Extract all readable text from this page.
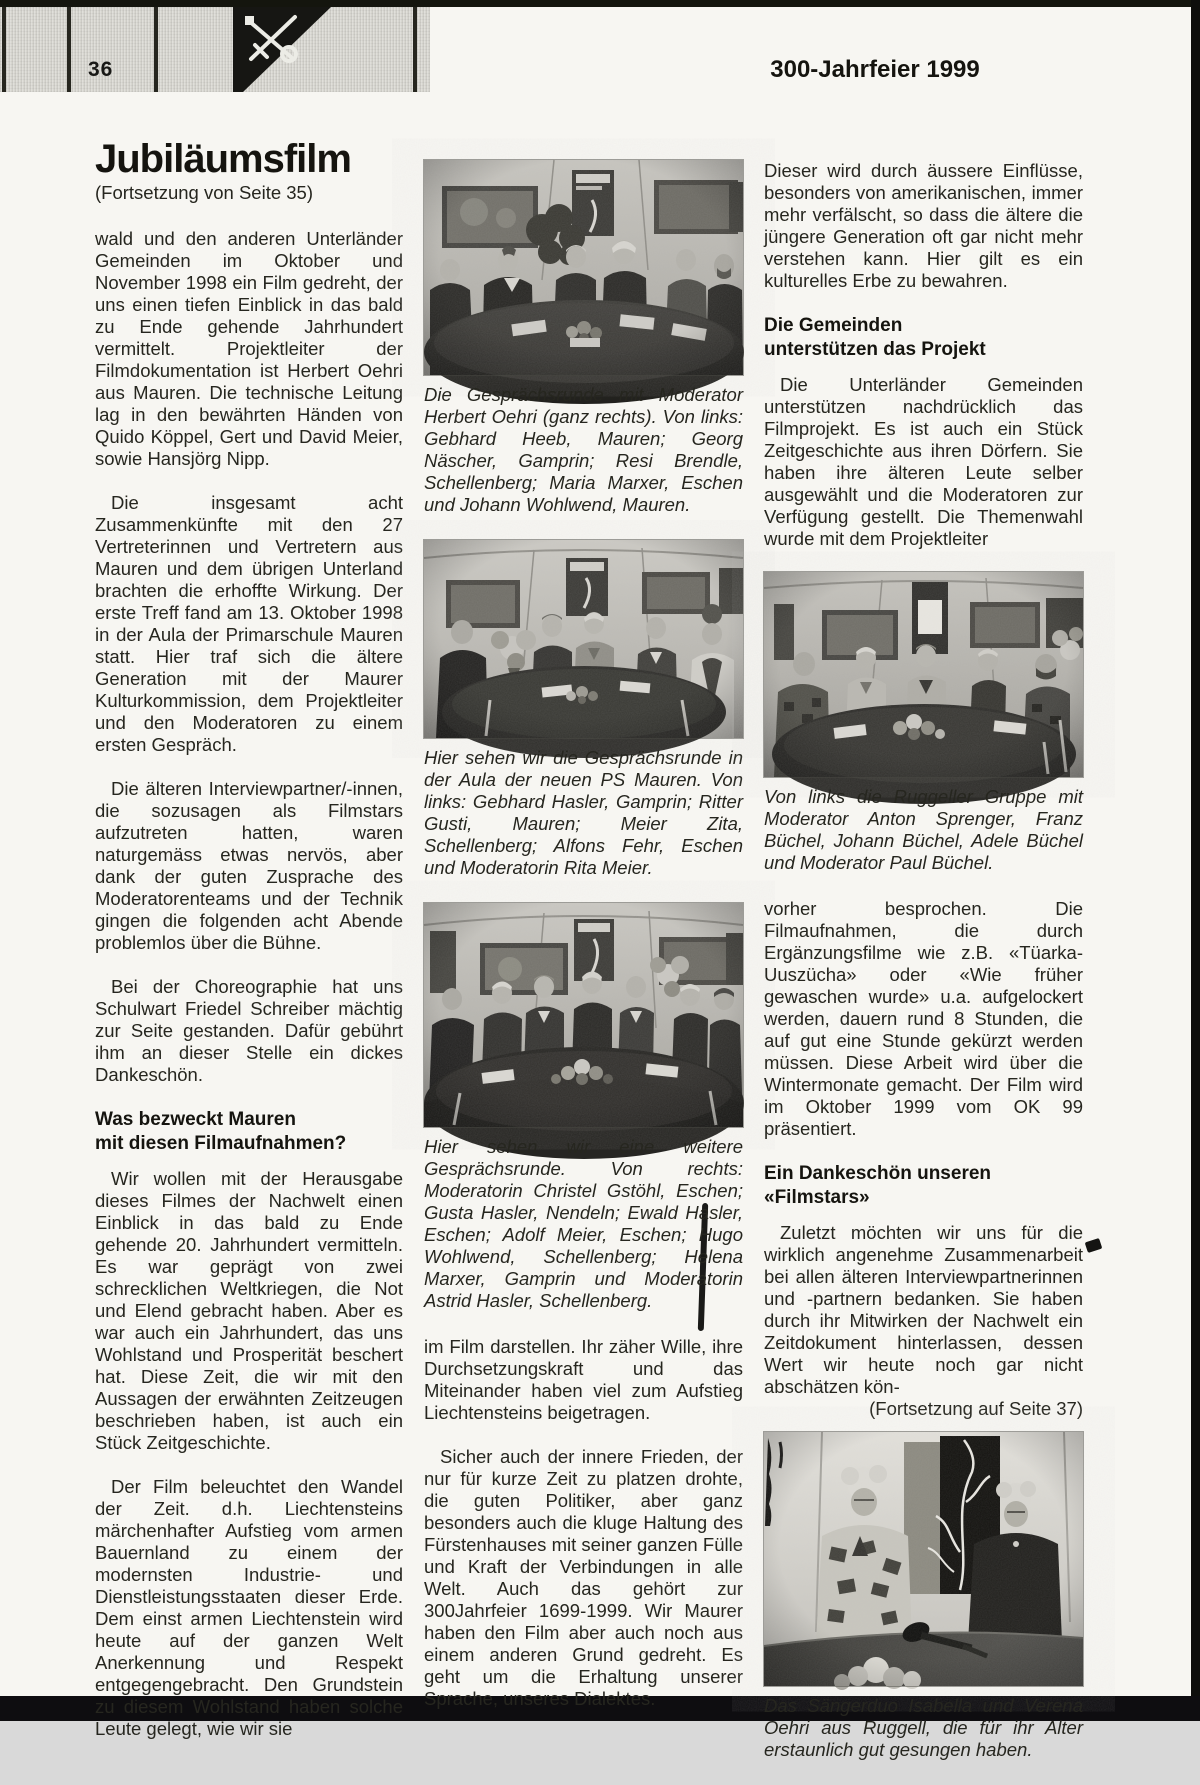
36	300-Jahrfeier 1999
Jubiläumsfilm
(Fortsetzung von Seite 35)

wald und den anderen Unterländer Gemeinden im Oktober und November 1998 ein Film gedreht, der uns einen tiefen Einblick in das bald zu Ende gehende Jahrhundert vermittelt. Projektleiter der Filmdokumentation ist Herbert Oehri aus Mauren. Die technische Leitung lag in den bewährten Händen von Quido Köppel, Gert und David Meier, sowie Hansjörg Nipp.

Die insgesamt acht Zusammenkünfte mit den 27 Vertreterinnen und Vertretern aus Mauren und dem übrigen Unterland brachten die erhoffte Wirkung. Der erste Treff fand am 13. Oktober 1998 in der Aula der Primarschule Mauren statt. Hier traf sich die ältere Generation mit der Maurer Kulturkommission, dem Projektleiter und den Moderatoren zu einem ersten Gespräch.

Die älteren Interviewpartner/-innen, die sozusagen als Filmstars aufzutreten hatten, waren naturgemäss etwas nervös, aber dank der guten Zusprache des Moderatorenteams und der Technik gingen die folgenden acht Abende problemlos über die Bühne.

Bei der Choreographie hat uns Schulwart Friedel Schreiber mächtig zur Seite gestanden. Dafür gebührt ihm an dieser Stelle ein dickes Dankeschön.

Was bezweckt Mauren
mit diesen Filmaufnahmen?

Wir wollen mit der Herausgabe dieses Filmes der Nachwelt einen Einblick in das bald zu Ende gehende 20. Jahrhundert vermitteln. Es war geprägt von zwei schrecklichen Weltkriegen, die Not und Elend gebracht haben. Aber es war auch ein Jahrhundert, das uns Wohlstand und Prosperität beschert hat. Diese Zeit, die wir mit den Aussagen der erwähnten Zeitzeugen beschrieben haben, ist auch ein Stück Zeitgeschichte.

Der Film beleuchtet den Wandel der Zeit. d.h. Liechtensteins märchenhafter Aufstieg vom armen Bauernland zu einem der modernsten Industrie- und Dienstleistungsstaaten dieser Erde. Dem einst armen Liechtenstein wird heute auf der ganzen Welt Anerkennung und Respekt entgegengebracht. Den Grundstein zu diesem Wohlstand haben solche Leute gelegt, wie wir sie

Die Gesprächsrunde mit Moderator Herbert Oehri (ganz rechts). Von links: Gebhard Heeb, Mauren; Georg Näscher, Gamprin; Resi Brendle, Schellenberg; Maria Marxer, Eschen und Johann Wohlwend, Mauren.
Hier sehen wir die Gesprächsrunde in der Aula der neuen PS Mauren. Von links: Gebhard Hasler, Gamprin; Ritter Gusti, Mauren; Meier Zita, Schellenberg; Alfons Fehr, Eschen und Moderatorin Rita Meier.
Hier sehen wir eine weitere Gesprächsrunde. Von rechts: Moderatorin Christel Gstöhl, Eschen; Gusta Hasler, Nendeln; Ewald Hasler, Eschen; Adolf Meier, Eschen; Hugo Wohlwend, Schellenberg; Helena Marxer, Gamprin und Moderatorin Astrid Hasler, Schellenberg.

im Film darstellen. Ihr zäher Wille, ihre Durchsetzungskraft und das Miteinander haben viel zum Aufstieg Liechtensteins beigetragen.

Sicher auch der innere Frieden, der nur für kurze Zeit zu platzen drohte, die guten Politiker, aber ganz besonders auch die kluge Haltung des Fürstenhauses mit seiner ganzen Fülle und Kraft der Verbindungen in alle Welt. Auch das gehört zur 300Jahrfeier 1699-1999. Wir Maurer haben den Film aber auch noch aus einem anderen Grund gedreht. Es geht um die Erhaltung unserer Sprache, unseres Dialektes.

Dieser wird durch äussere Einflüsse, besonders von amerikanischen, immer mehr verfälscht, so dass die ältere die jüngere Generation oft gar nicht mehr verstehen kann. Hier gilt es ein kulturelles Erbe zu bewahren.

Die Gemeinden
unterstützen das Projekt

Die Unterländer Gemeinden unterstützen nachdrücklich das Filmprojekt. Es ist auch ein Stück Zeitgeschichte aus ihren Dörfern. Sie haben ihre älteren Leute selber ausgewählt und die Moderatoren zur Verfügung gestellt. Die Themenwahl wurde mit dem Projektleiter

Von links die Ruggeller Gruppe mit Moderator Anton Sprenger, Franz Büchel, Johann Büchel, Adele Büchel und Moderator Paul Büchel.

vorher besprochen. Die Filmaufnahmen, die durch Ergänzungsfilme wie z.B. «Tüarka-Uuszücha» oder «Wie früher gewaschen wurde» u.a. aufgelockert werden, dauern rund 8 Stunden, die auf gut eine Stunde gekürzt werden müssen. Diese Arbeit wird über die Wintermonate gemacht. Der Film wird im Oktober 1999 vom OK 99 präsentiert.

Ein Dankeschön unseren «Filmstars»

Zuletzt möchten wir uns für die wirklich angenehme Zusammenarbeit bei allen älteren Interviewpartnerinnen und -partnern bedanken. Sie haben durch ihr Mitwirken der Nachwelt ein Zeitdokument hinterlassen, dessen Wert wir heute noch gar nicht abschätzen kön-

(Fortsetzung auf Seite 37)
Das Sängerduo Isabella und Verena Oehri aus Ruggell, die für ihr Alter erstaunlich gut gesungen haben.
